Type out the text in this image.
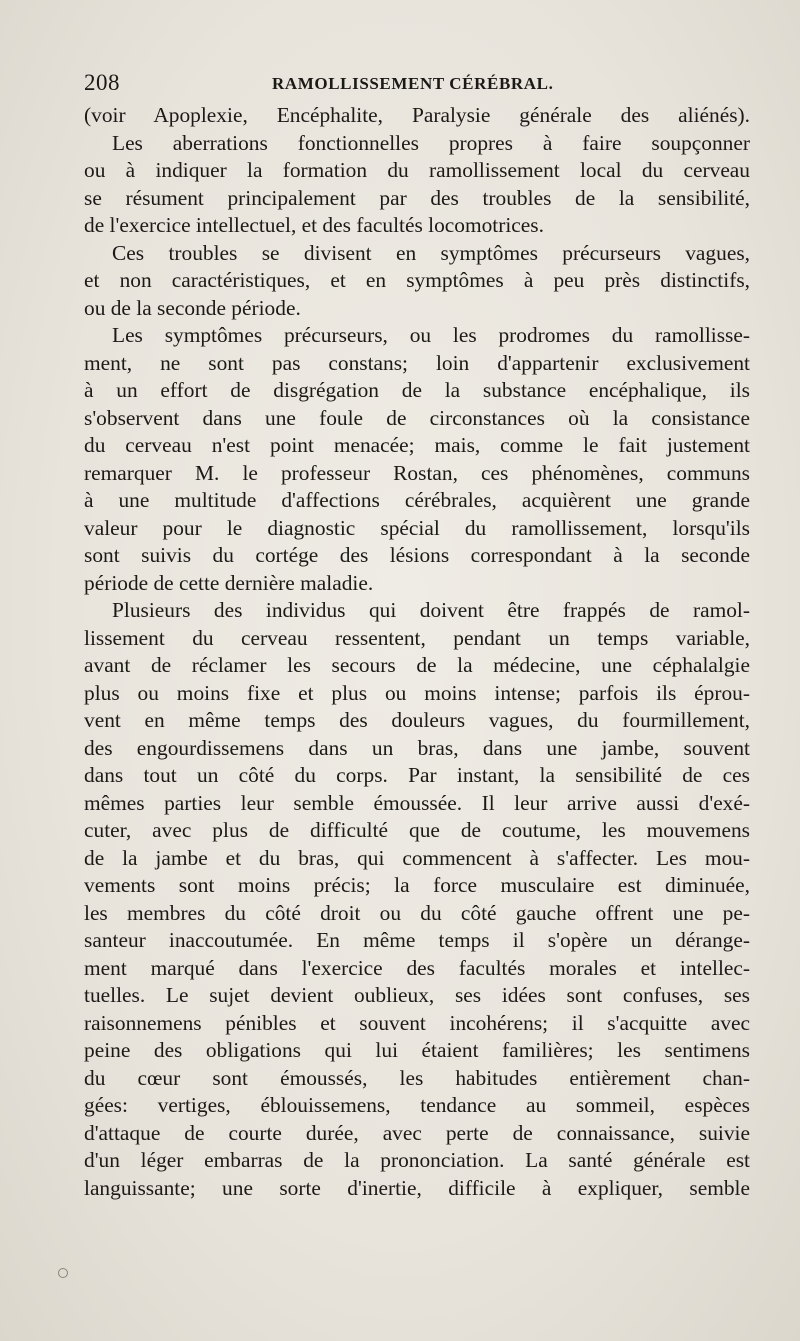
208	RAMOLLISSEMENT CÉRÉBRAL.
(voir Apoplexie, Encéphalite, Paralysie générale des aliénés).
Les aberrations fonctionnelles propres à faire soupçonner
ou à indiquer la formation du ramollissement local du cerveau
se résument principalement par des troubles de la sensibilité,
de l'exercice intellectuel, et des facultés locomotrices.
Ces troubles se divisent en symptômes précurseurs vagues,
et non caractéristiques, et en symptômes à peu près distinctifs,
ou de la seconde période.
Les symptômes précurseurs, ou les prodromes du ramollisse-
ment, ne sont pas constans; loin d'appartenir exclusivement
à un effort de disgrégation de la substance encéphalique, ils
s'observent dans une foule de circonstances où la consistance
du cerveau n'est point menacée; mais, comme le fait justement
remarquer M. le professeur Rostan, ces phénomènes, communs
à une multitude d'affections cérébrales, acquièrent une grande
valeur pour le diagnostic spécial du ramollissement, lorsqu'ils
sont suivis du cortége des lésions correspondant à la seconde
période de cette dernière maladie.
Plusieurs des individus qui doivent être frappés de ramol-
lissement du cerveau ressentent, pendant un temps variable,
avant de réclamer les secours de la médecine, une céphalalgie
plus ou moins fixe et plus ou moins intense; parfois ils éprou-
vent en même temps des douleurs vagues, du fourmillement,
des engourdissemens dans un bras, dans une jambe, souvent
dans tout un côté du corps. Par instant, la sensibilité de ces
mêmes parties leur semble émoussée. Il leur arrive aussi d'exé-
cuter, avec plus de difficulté que de coutume, les mouvemens
de la jambe et du bras, qui commencent à s'affecter. Les mou-
vements sont moins précis; la force musculaire est diminuée,
les membres du côté droit ou du côté gauche offrent une pe-
santeur inaccoutumée. En même temps il s'opère un dérange-
ment marqué dans l'exercice des facultés morales et intellec-
tuelles. Le sujet devient oublieux, ses idées sont confuses, ses
raisonnemens pénibles et souvent incohérens; il s'acquitte avec
peine des obligations qui lui étaient familières; les sentimens
du cœur sont émoussés, les habitudes entièrement chan-
gées: vertiges, éblouissemens, tendance au sommeil, espèces
d'attaque de courte durée, avec perte de connaissance, suivie
d'un léger embarras de la prononciation. La santé générale est
languissante; une sorte d'inertie, difficile à expliquer, semble
